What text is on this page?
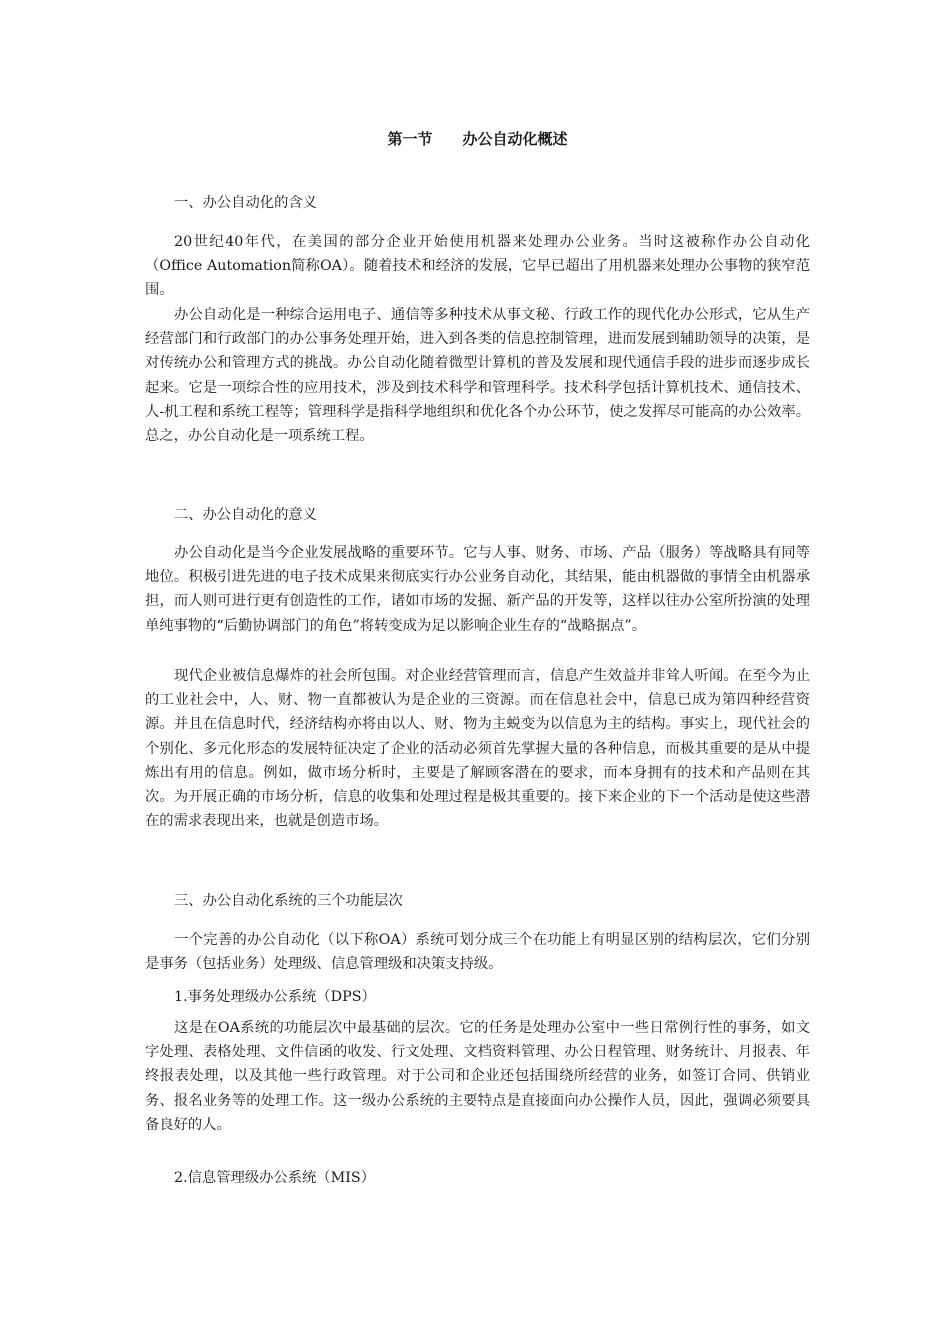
第一节　　办公自动化概述

一、办公自动化的含义

20世纪40年代，在美国的部分企业开始使用机器来处理办公业务。当时这被称作办公自动化（Office Automation简称OA）。随着技术和经济的发展，它早已超出了用机器来处理办公事物的狭窄范围。

办公自动化是一种综合运用电子、通信等多种技术从事文秘、行政工作的现代化办公形式，它从生产经营部门和行政部门的办公事务处理开始，进入到各类的信息控制管理，进而发展到辅助领导的决策，是对传统办公和管理方式的挑战。办公自动化随着微型计算机的普及发展和现代通信手段的进步而逐步成长起来。它是一项综合性的应用技术，涉及到技术科学和管理科学。技术科学包括计算机技术、通信技术、人-机工程和系统工程等；管理科学是指科学地组织和优化各个办公环节，使之发挥尽可能高的办公效率。总之，办公自动化是一项系统工程。

二、办公自动化的意义

办公自动化是当今企业发展战略的重要环节。它与人事、财务、市场、产品（服务）等战略具有同等地位。积极引进先进的电子技术成果来彻底实行办公业务自动化，其结果，能由机器做的事情全由机器承担，而人则可进行更有创造性的工作，诸如市场的发掘、新产品的开发等，这样以往办公室所扮演的处理单纯事物的“后勤协调部门的角色”将转变成为足以影响企业生存的“战略据点”。

现代企业被信息爆炸的社会所包围。对企业经营管理而言，信息产生效益并非耸人听闻。在至今为止的工业社会中，人、财、物一直都被认为是企业的三资源。而在信息社会中，信息已成为第四种经营资源。并且在信息时代，经济结构亦将由以人、财、物为主蜕变为以信息为主的结构。事实上，现代社会的个别化、多元化形态的发展特征决定了企业的活动必须首先掌握大量的各种信息，而极其重要的是从中提炼出有用的信息。例如，做市场分析时，主要是了解顾客潜在的要求，而本身拥有的技术和产品则在其次。为开展正确的市场分析，信息的收集和处理过程是极其重要的。接下来企业的下一个活动是使这些潜在的需求表现出来，也就是创造市场。

三、办公自动化系统的三个功能层次

一个完善的办公自动化（以下称OA）系统可划分成三个在功能上有明显区别的结构层次，它们分别是事务（包括业务）处理级、信息管理级和决策支持级。

1.事务处理级办公系统（DPS）

这是在OA系统的功能层次中最基础的层次。它的任务是处理办公室中一些日常例行性的事务，如文字处理、表格处理、文件信函的收发、行文处理、文档资料管理、办公日程管理、财务统计、月报表、年终报表处理，以及其他一些行政管理。对于公司和企业还包括围绕所经营的业务，如签订合同、供销业务、报名业务等的处理工作。这一级办公系统的主要特点是直接面向办公操作人员，因此，强调必须要具备良好的人。

2.信息管理级办公系统（MIS）
